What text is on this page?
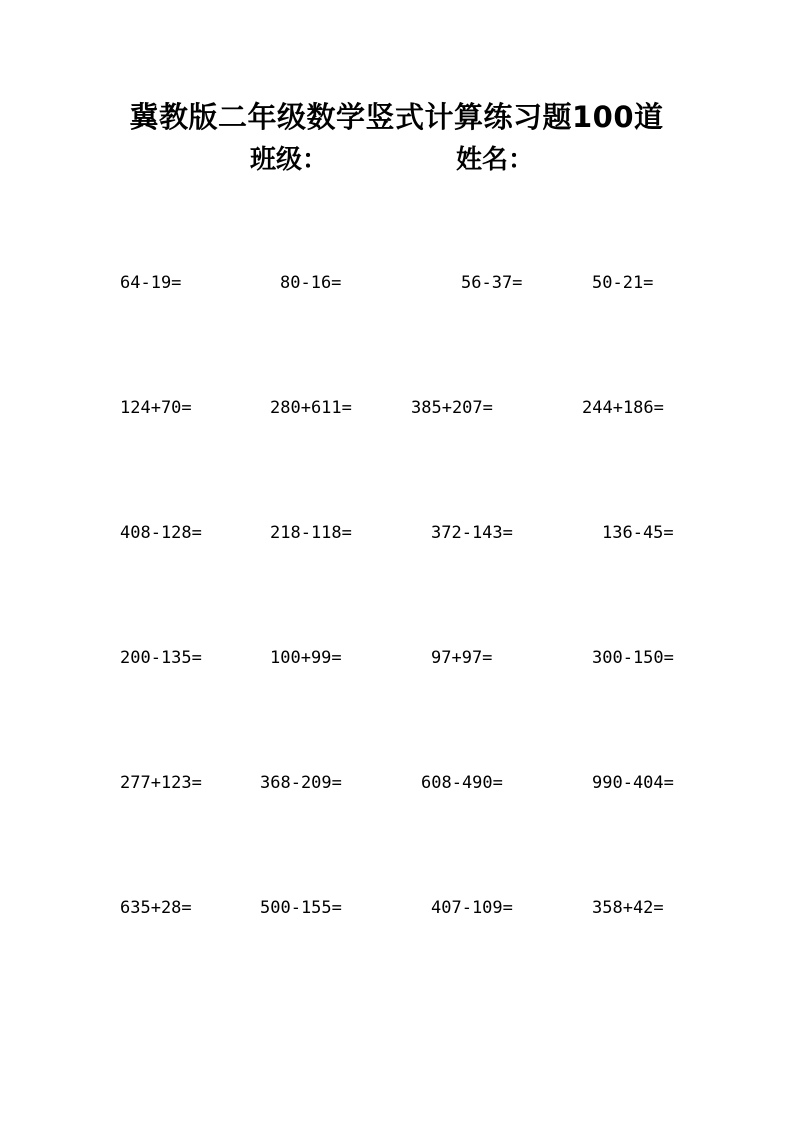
冀教版二年级数学竖式计算练习题100道
班级：	姓名：
64-19=	80-16=	56-37=	50-21=
124+70=	280+611=	385+207=	244+186=
408-128=	218-118=	372-143=	136-45=
200-135=	100+99=	97+97=	300-150=
277+123=	368-209=	608-490=	990-404=
635+28=	500-155=	407-109=	358+42=
